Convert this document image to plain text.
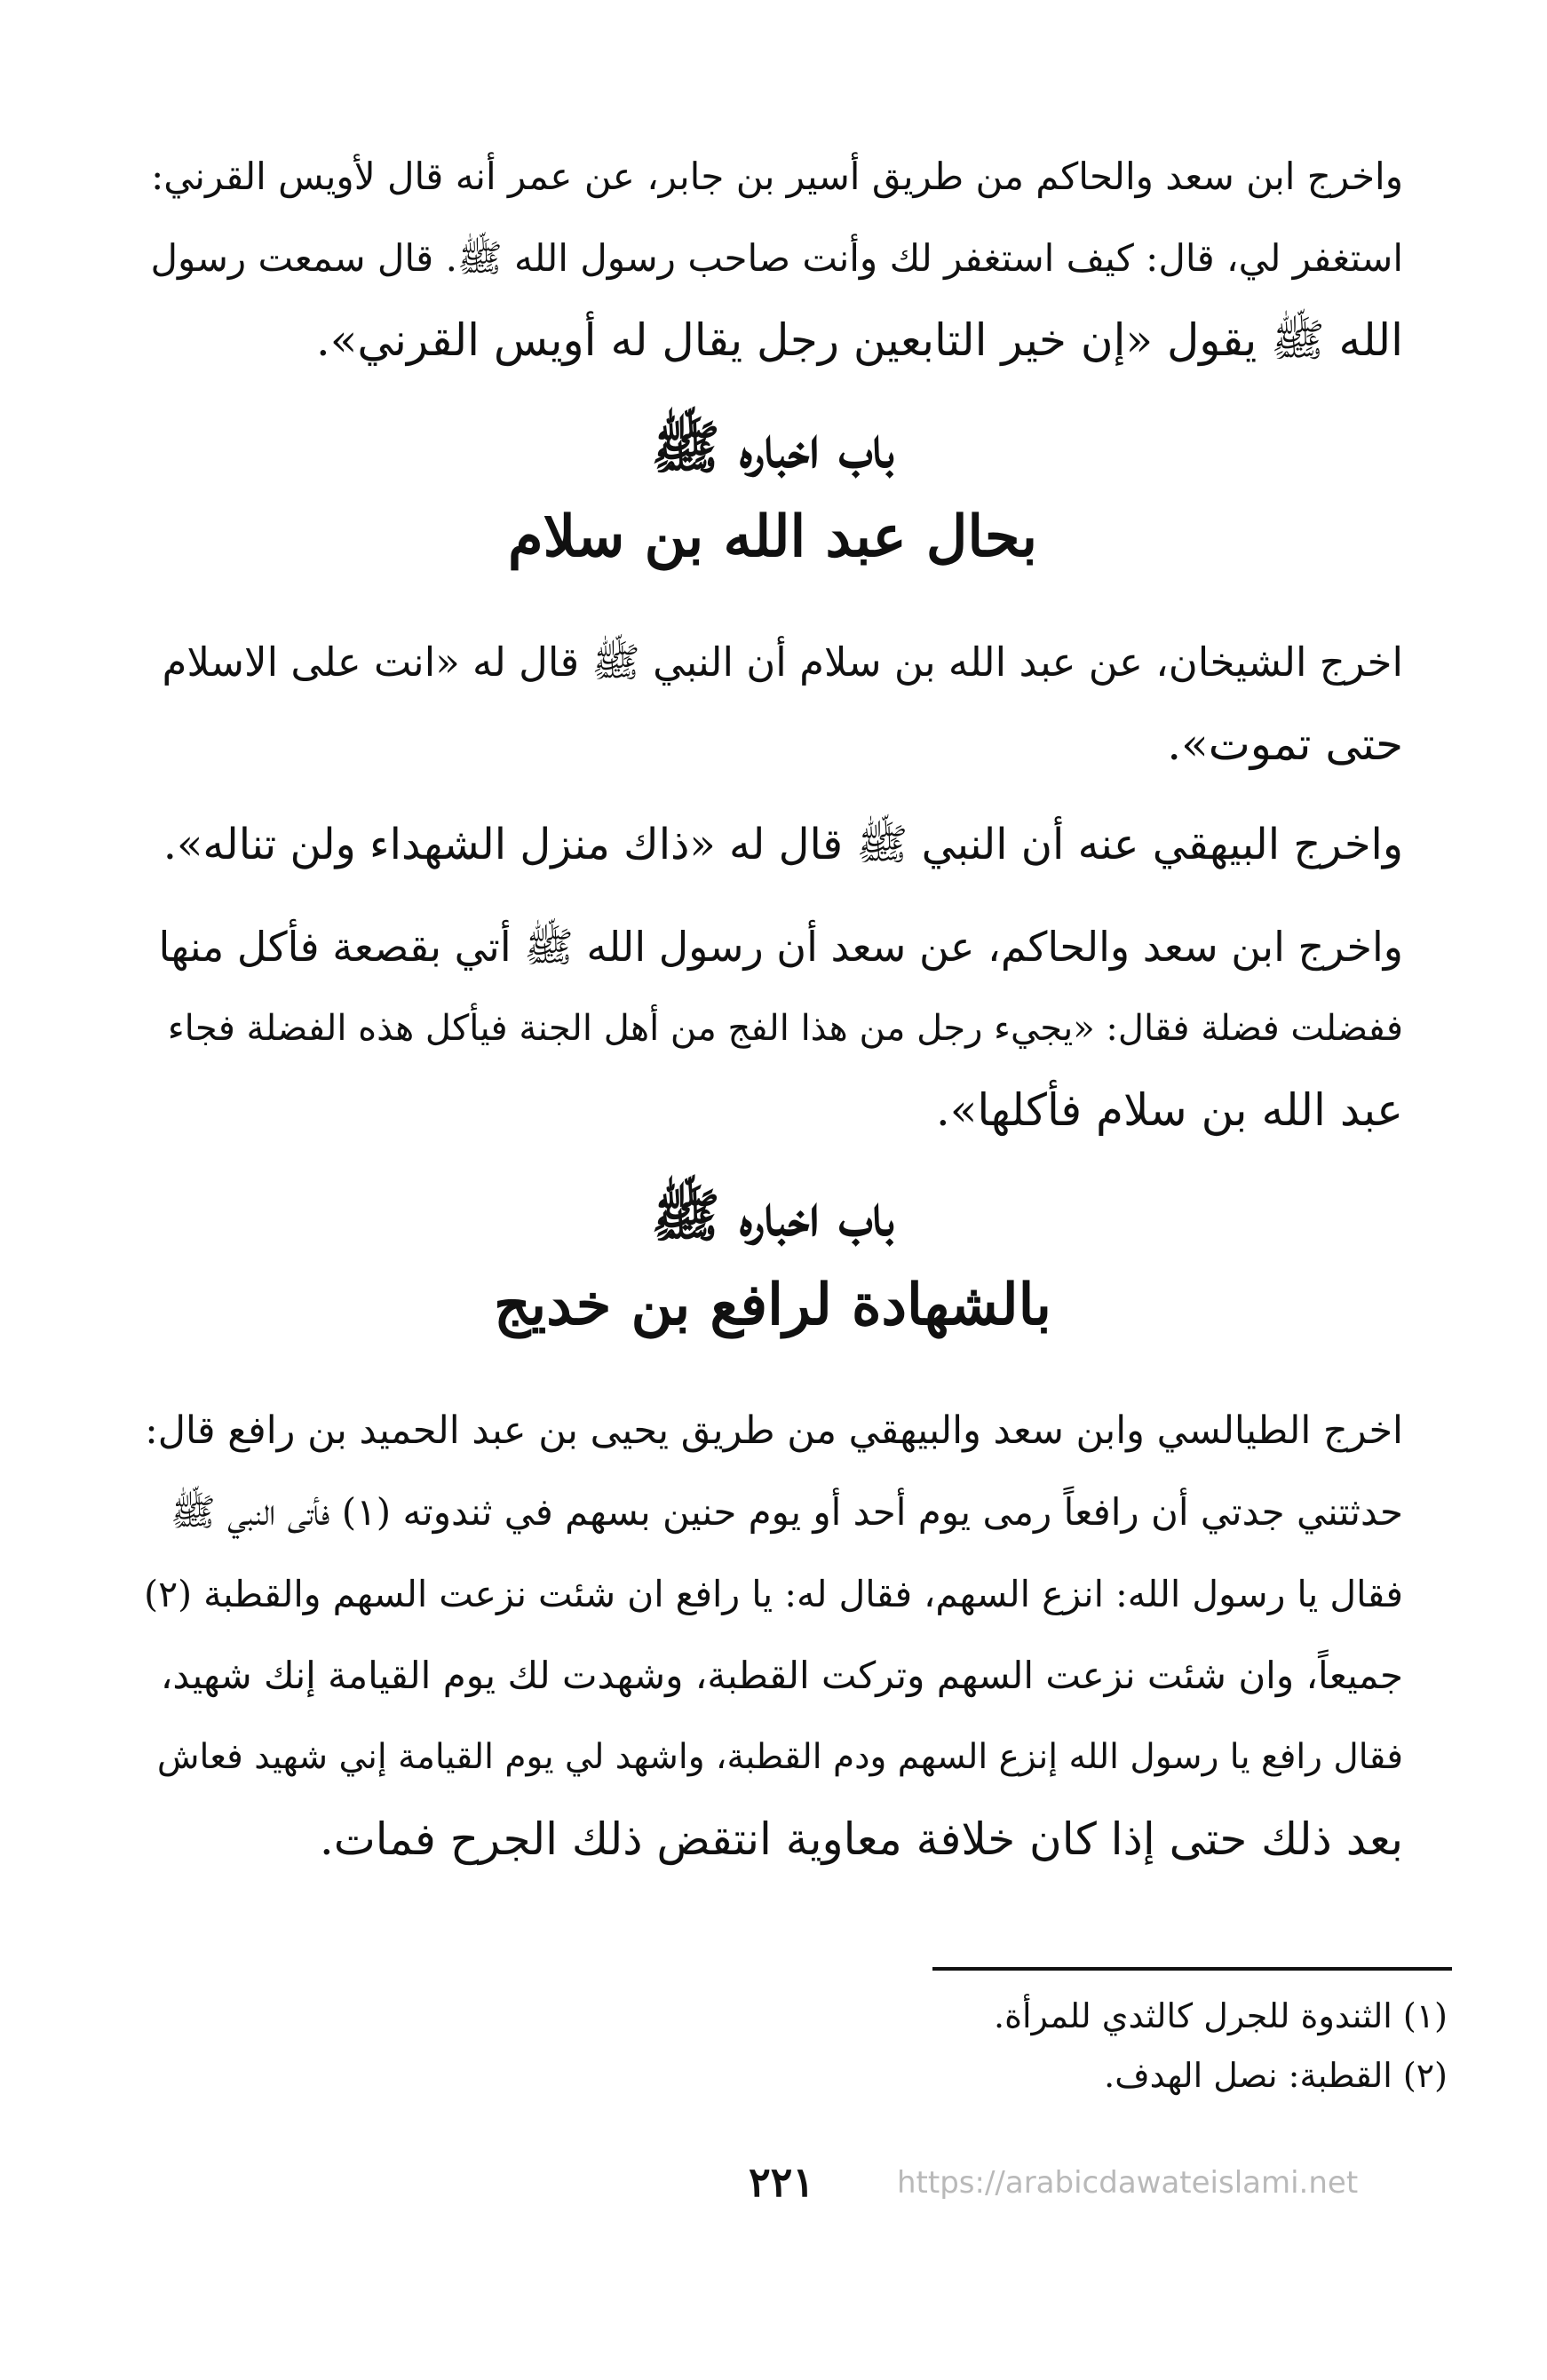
واخرج ابن سعد والحاكم من طريق أسير بن جابر، عن عمر أنه قال لأويس القرني:
استغفر لي، قال: كيف استغفر لك وأنت صاحب رسول الله ﷺ. قال سمعت رسول
الله ﷺ يقول «إن خير التابعين رجل يقال له أويس القرني».
باب اخباره ﷺ
بحال عبد الله بن سلام
اخرج الشيخان، عن عبد الله بن سلام أن النبي ﷺ قال له «انت على الاسلام
حتى تموت».
واخرج البيهقي عنه أن النبي ﷺ قال له «ذاك منزل الشهداء ولن تناله».
واخرج ابن سعد والحاكم، عن سعد أن رسول الله ﷺ أتي بقصعة فأكل منها
ففضلت فضلة فقال: «يجيء رجل من هذا الفج من أهل الجنة فيأكل هذه الفضلة فجاء
عبد الله بن سلام فأكلها».
باب اخباره ﷺ
بالشهادة لرافع بن خديج
اخرج الطيالسي وابن سعد والبيهقي من طريق يحيى بن عبد الحميد بن رافع قال:
حدثتني جدتي أن رافعاً رمى يوم أحد أو يوم حنين بسهم في ثندوته (١) فأتى النبي ﷺ
فقال يا رسول الله: انزع السهم، فقال له: يا رافع ان شئت نزعت السهم والقطبة (٢)
جميعاً، وان شئت نزعت السهم وتركت القطبة، وشهدت لك يوم القيامة إنك شهيد،
فقال رافع يا رسول الله إنزع السهم ودم القطبة، واشهد لي يوم القيامة إني شهيد فعاش
بعد ذلك حتى إذا كان خلافة معاوية انتقض ذلك الجرح فمات.
(١) الثندوة للجرل كالثدي للمرأة.
(٢) القطبة: نصل الهدف.
٢٢١	https://arabicdawateislami.net
